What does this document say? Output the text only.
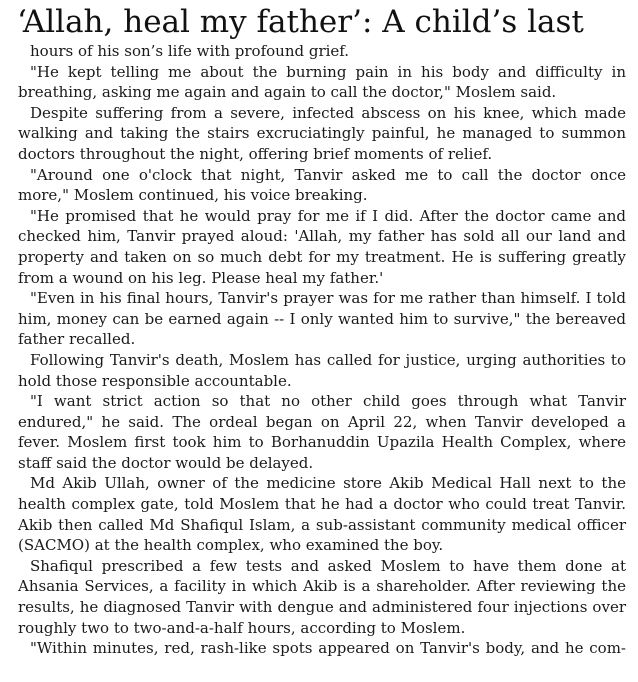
‘Allah, heal my father’: A child’s last

hours of his son’s life with profound grief.

"He kept telling me about the burning pain in his body and difficulty in breathing, asking me again and again to call the doctor," Moslem said.

Despite suffering from a severe, infected abscess on his knee, which made walking and taking the stairs excruciatingly painful, he managed to summon doctors throughout the night, offering brief moments of relief.

"Around one o'clock that night, Tanvir asked me to call the doctor once more," Moslem continued, his voice breaking.

"He promised that he would pray for me if I did. After the doctor came and checked him, Tanvir prayed aloud: 'Allah, my father has sold all our land and property and taken on so much debt for my treatment. He is suffering greatly from a wound on his leg. Please heal my father.'

"Even in his final hours, Tanvir's prayer was for me rather than himself. I told him, money can be earned again -- I only wanted him to survive," the bereaved father recalled.

Following Tanvir's death, Moslem has called for justice, urging authorities to hold those responsible accountable.

"I want strict action so that no other child goes through what Tanvir endured," he said. The ordeal began on April 22, when Tanvir developed a fever. Moslem first took him to Borhanuddin Upazila Health Complex, where staff said the doctor would be delayed.

Md Akib Ullah, owner of the medicine store Akib Medical Hall next to the health complex gate, told Moslem that he had a doctor who could treat Tanvir. Akib then called Md Shafiqul Islam, a sub-assistant community medical officer (SACMO) at the health complex, who examined the boy.

Shafiqul prescribed a few tests and asked Moslem to have them done at Ahsania Services, a facility in which Akib is a shareholder. After reviewing the results, he diagnosed Tanvir with dengue and administered four injections over roughly two to two-and-a-half hours, according to Moslem.

"Within minutes, red, rash-like spots appeared on Tanvir's body, and he com-
